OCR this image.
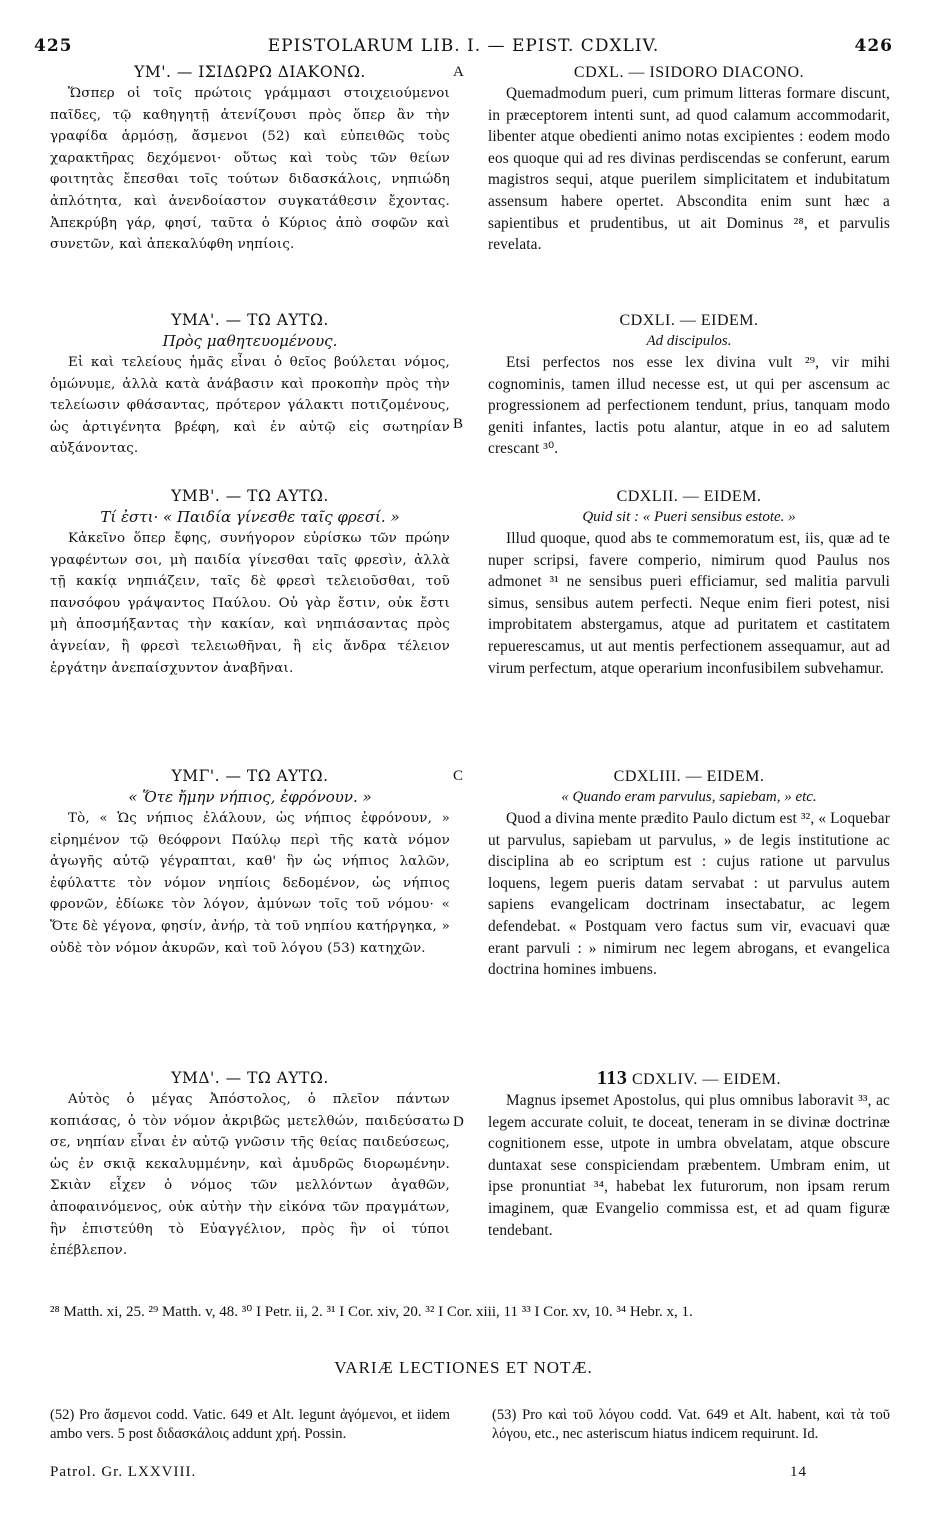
425	EPISTOLARUM LIB. I. — EPIST. CDXLIV.	426
A
B
C
D

ΥΜ'. — ΙΣΙΔΩΡΩ ΔΙΑΚΟΝΩ.

Ὥσπερ οἱ τοῖς πρώτοις γράμμασι στοιχειούμενοι παῖδες, τῷ καθηγητῇ ἀτενίζουσι πρὸς ὅπερ ἂν τὴν γραφίδα ἁρμόσῃ, ἄσμενοι (52) καὶ εὐπειθῶς τοὺς χαρακτῆρας δεχόμενοι· οὕτως καὶ τοὺς τῶν θείων φοιτητὰς ἔπεσθαι τοῖς τούτων διδασκάλοις, νηπιώδη ἁπλότητα, καὶ ἀνενδοίαστον συγκατάθεσιν ἔχοντας. Ἀπεκρύβη γάρ, φησί, ταῦτα ὁ Κύριος ἀπὸ σοφῶν καὶ συνετῶν, καὶ ἀπεκαλύφθη νηπίοις.

ΥΜΑ'. — ΤΩ ΑΥΤΩ.

Πρὸς μαθητευομένους.

Εἰ καὶ τελείους ἡμᾶς εἶναι ὁ θεῖος βούλεται νόμος, ὁμώνυμε, ἀλλὰ κατὰ ἀνάβασιν καὶ προκοπὴν πρὸς τὴν τελείωσιν φθάσαντας, πρότερον γάλακτι ποτιζομένους, ὡς ἀρτιγένητα βρέφη, καὶ ἐν αὐτῷ εἰς σωτηρίαν αὐξάνοντας.

ΥΜΒ'. — ΤΩ ΑΥΤΩ.

Τί ἐστι· « Παιδία γίνεσθε ταῖς φρεσί. »

Κἀκεῖνο ὅπερ ἔφης, συνήγορον εὑρίσκω τῶν πρώην γραφέντων σοι, μὴ παιδία γίνεσθαι ταῖς φρεσὶν, ἀλλὰ τῇ κακίᾳ νηπιάζειν, ταῖς δὲ φρεσὶ τελειοῦσθαι, τοῦ πανσόφου γράψαντος Παύλου. Οὐ γὰρ ἔστιν, οὐκ ἔστι μὴ ἀποσμήξαντας τὴν κακίαν, καὶ νηπιάσαντας πρὸς ἁγνείαν, ἢ φρεσὶ τελειωθῆναι, ἢ εἰς ἄνδρα τέλειον ἐργάτην ἀνεπαίσχυντον ἀναβῆναι.

ΥΜΓ'. — ΤΩ ΑΥΤΩ.

« Ὅτε ἤμην νήπιος, ἐφρόνουν. »

Τὸ, « Ὡς νήπιος ἐλάλουν, ὡς νήπιος ἐφρόνουν, » εἰρημένον τῷ θεόφρονι Παύλῳ περὶ τῆς κατὰ νόμον ἀγωγῆς αὐτῷ γέγραπται, καθ' ἣν ὡς νήπιος λαλῶν, ἐφύλαττε τὸν νόμον νηπίοις δεδομένον, ὡς νήπιος φρονῶν, ἐδίωκε τὸν λόγον, ἀμύνων τοῖς τοῦ νόμου· « Ὅτε δὲ γέγονα, φησίν, ἀνήρ, τὰ τοῦ νηπίου κατήργηκα, » οὐδὲ τὸν νόμον ἀκυρῶν, καὶ τοῦ λόγου (53) κατηχῶν.

ΥΜΔ'. — ΤΩ ΑΥΤΩ.

Αὐτὸς ὁ μέγας Ἀπόστολος, ὁ πλεῖον πάντων κοπιάσας, ὁ τὸν νόμον ἀκριβῶς μετελθών, παιδεύσατω σε, νηπίαν εἶναι ἐν αὐτῷ γνῶσιν τῆς θείας παιδεύσεως, ὡς ἐν σκιᾷ κεκαλυμμένην, καὶ ἀμυδρῶς διορωμένην. Σκιὰν εἶχεν ὁ νόμος τῶν μελλόντων ἀγαθῶν, ἀποφαινόμενος, οὐκ αὐτὴν τὴν εἰκόνα τῶν πραγμάτων, ἣν ἐπιστεύθη τὸ Εὐαγγέλιον, πρὸς ἣν οἱ τύποι ἐπέβλεπον.

CDXL. — ISIDORO DIACONO.

Quemadmodum pueri, cum primum litteras formare discunt, in præceptorem intenti sunt, ad quod calamum accommodarit, libenter atque obedienti animo notas excipientes : eodem modo eos quoque qui ad res divinas perdiscendas se conferunt, earum magistros sequi, atque puerilem simplicitatem et indubitatum assensum habere opertet. Absconditа enim sunt hæc a sapientibus et prudentibus, ut ait Dominus ²⁸, et parvulis revelata.

CDXLI. — EIDEM.

Ad discipulos.

Etsi perfectos nos esse lex divina vult ²⁹, vir mihi cognominis, tamen illud necesse est, ut qui per ascensum ac progressionem ad perfectionem tendunt, prius, tanquam modo geniti infantes, lactis potu alantur, atque in eo ad salutem crescant ³⁰.

CDXLII. — EIDEM.

Quid sit : « Pueri sensibus estote. »

Illud quoque, quod abs te commemoratum est, iis, quæ ad te nuper scripsi, favere comperio, nimirum quod Paulus nos admonet ³¹ ne sensibus pueri efficiamur, sed malitia parvuli simus, sensibus autem perfecti. Neque enim fieri potest, nisi improbitatem abstergamus, atque ad puritatem et castitatem repuerescamus, ut aut mentis perfectionem assequamur, aut ad virum perfectum, atque operarium inconfusibilem subvehamur.

CDXLIII. — EIDEM.

« Quando eram parvulus, sapiebam, » etc.

Quod a divina mente prædito Paulo dictum est ³², « Loquebar ut parvulus, sapiebam ut parvulus, » de legis institutione ac disciplina ab eo scriptum est : cujus ratione ut parvulus loquens, legem pueris datam servabat : ut parvulus autem sapiens evangelicam doctrinam insectabatur, ac legem defendebat. « Postquam vero factus sum vir, evacuavi quæ erant parvuli : » nimirum nec legem abrogans, et evangelica doctrina homines imbuens.

113 CDXLIV. — EIDEM.

Magnus ipsemet Apostolus, qui plus omnibus laboravit ³³, ac legem accurate coluit, te doceat, teneram in se divinæ doctrinæ cognitionem esse, utpote in umbra obvelatam, atque obscure duntaxat sese conspiciendam præbentem. Umbram enim, ut ipse pronuntiat ³⁴, habebat lex futurorum, non ipsam rerum imaginem, quæ Evangelio commissa est, et ad quam figuræ tendebant.

²⁸ Matth. xi, 25. ²⁹ Matth. v, 48. ³⁰ I Petr. ii, 2. ³¹ I Cor. xiv, 20. ³² I Cor. xiii, 11 ³³ I Cor. xv, 10. ³⁴ Hebr. x, 1.
VARIÆ LECTIONES ET NOTÆ.
(52) Pro ἄσμενοι codd. Vatic. 649 et Alt. legunt ἀγόμενοι, et iidem ambo vers. 5 post διδασκάλοις addunt χρή. Possin.
(53) Pro καὶ τοῦ λόγου codd. Vat. 649 et Alt. habent, καὶ τὰ τοῦ λόγου, etc., nec asteriscum hiatus indicem requirunt. Id.
Patrol. Gr. LXXVIII.	14
